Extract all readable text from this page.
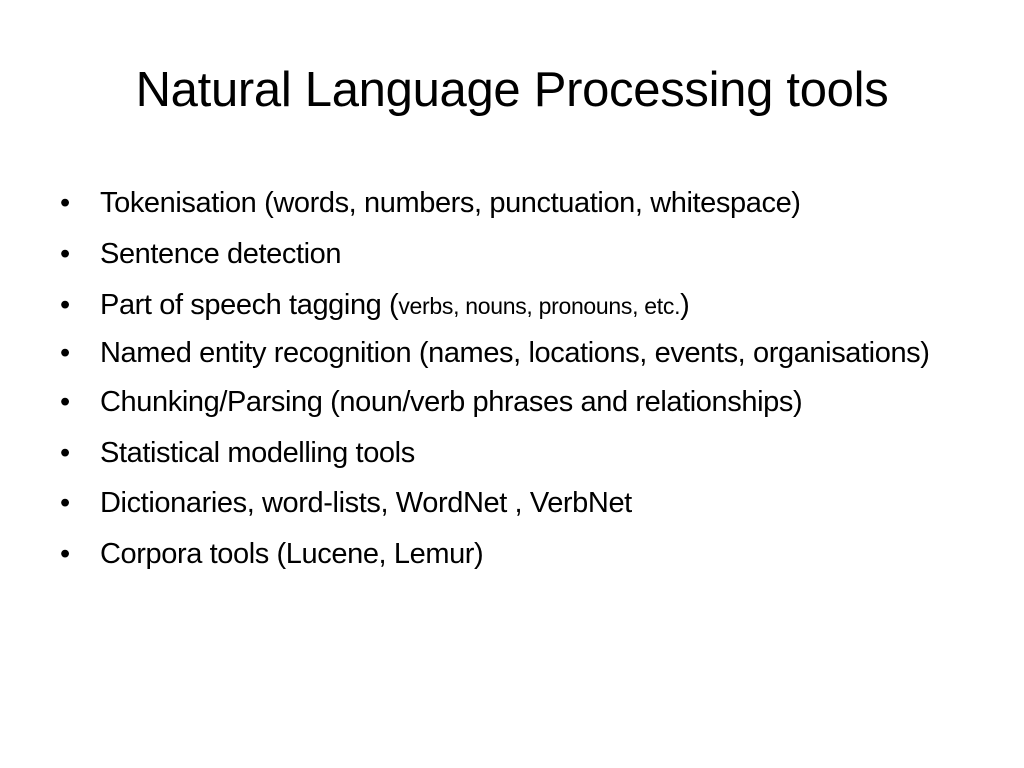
Natural Language Processing tools
•	Tokenisation (words, numbers, punctuation, whitespace)
•	Sentence detection
•	Part of speech tagging (verbs, nouns, pronouns, etc.)
•	Named entity recognition (names, locations, events, organisations)
•	Chunking/Parsing (noun/verb phrases and relationships)
•	Statistical modelling tools
•	Dictionaries, word-lists, WordNet , VerbNet
•	Corpora tools (Lucene, Lemur)
